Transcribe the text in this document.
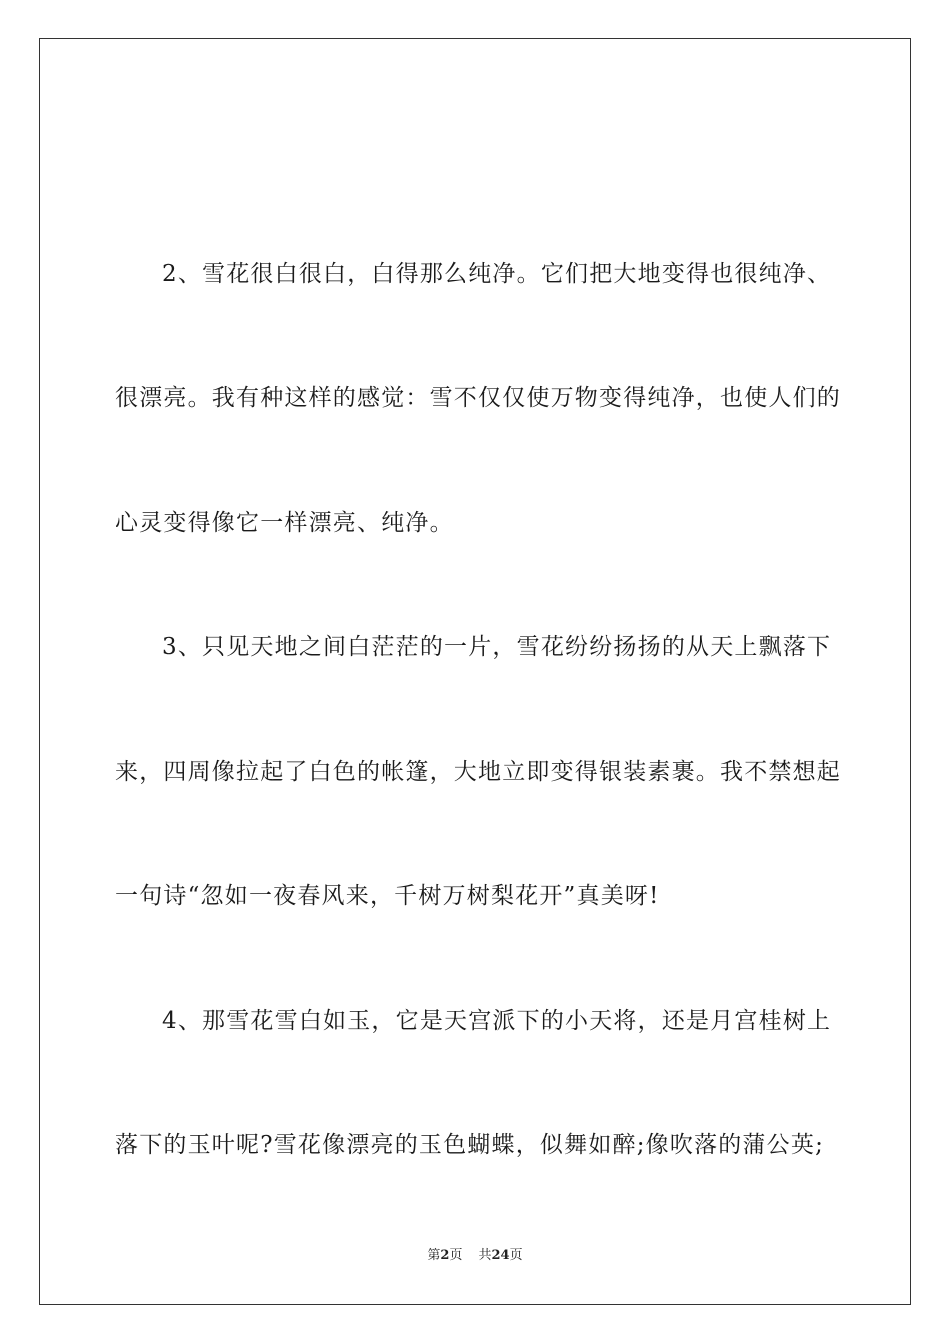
2、雪花很白很白，白得那么纯净。它们把大地变得也很纯净、
很漂亮。我有种这样的感觉：雪不仅仅使万物变得纯净，也使人们的
心灵变得像它一样漂亮、纯净。
3、只见天地之间白茫茫的一片，雪花纷纷扬扬的从天上飘落下
来，四周像拉起了白色的帐篷，大地立即变得银装素裹。我不禁想起
一句诗“忽如一夜春风来，千树万树梨花开”真美呀!
4、那雪花雪白如玉，它是天宫派下的小天将，还是月宫桂树上
落下的玉叶呢?雪花像漂亮的玉色蝴蝶，似舞如醉;像吹落的蒲公英;
第2页 共24页
